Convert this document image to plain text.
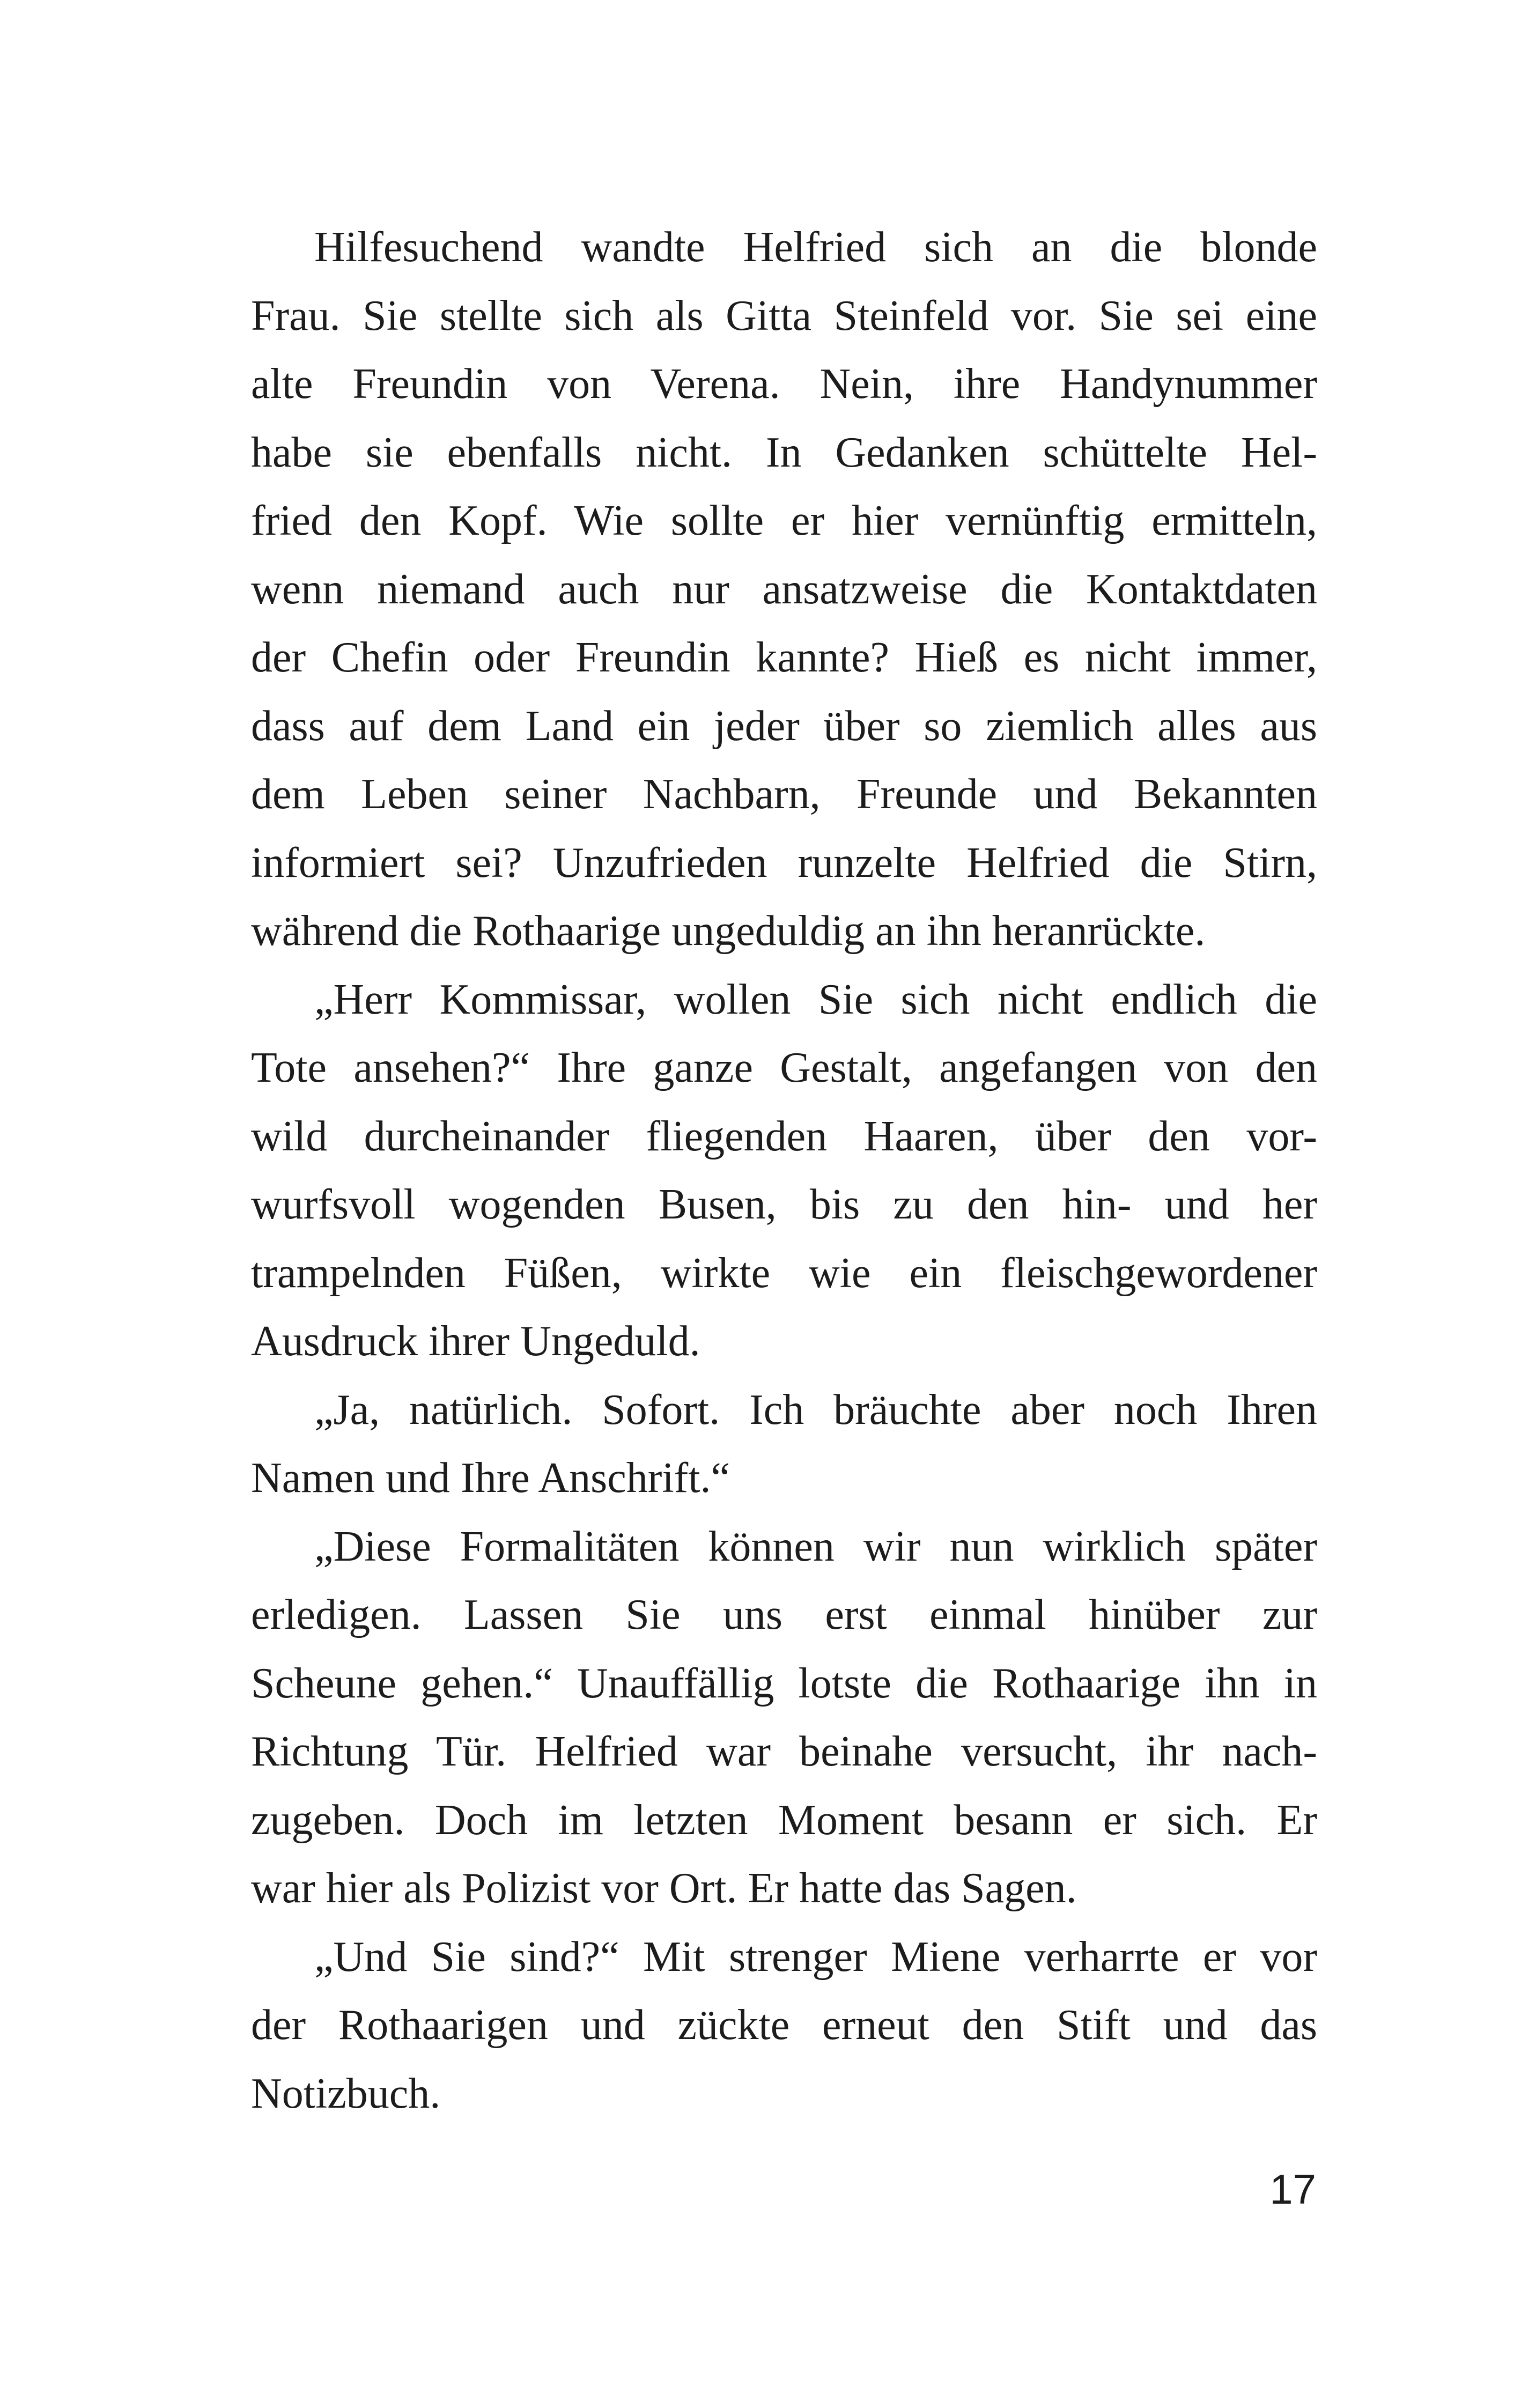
Hilfesuchend wandte Helfried sich an die blonde
Frau. Sie stellte sich als Gitta Steinfeld vor. Sie sei eine
alte Freundin von Verena. Nein, ihre Handynummer
habe sie ebenfalls nicht. In Gedanken schüttelte Hel-
fried den Kopf. Wie sollte er hier vernünftig ermitteln,
wenn niemand auch nur ansatzweise die Kontaktdaten
der Chefin oder Freundin kannte? Hieß es nicht immer,
dass auf dem Land ein jeder über so ziemlich alles aus
dem Leben seiner Nachbarn, Freunde und Bekannten
informiert sei? Unzufrieden runzelte Helfried die Stirn,
während die Rothaarige ungeduldig an ihn heranrückte.

„Herr Kommissar, wollen Sie sich nicht endlich die
Tote ansehen?“ Ihre ganze Gestalt, angefangen von den
wild durcheinander fliegenden Haaren, über den vor-
wurfsvoll wogenden Busen, bis zu den hin- und her
trampelnden Füßen, wirkte wie ein fleischgewordener
Ausdruck ihrer Ungeduld.

„Ja, natürlich. Sofort. Ich bräuchte aber noch Ihren
Namen und Ihre Anschrift.“

„Diese Formalitäten können wir nun wirklich später
erledigen. Lassen Sie uns erst einmal hinüber zur
Scheune gehen.“ Unauffällig lotste die Rothaarige ihn in
Richtung Tür. Helfried war beinahe versucht, ihr nach-
zugeben. Doch im letzten Moment besann er sich. Er
war hier als Polizist vor Ort. Er hatte das Sagen.

„Und Sie sind?“ Mit strenger Miene verharrte er vor
der Rothaarigen und zückte erneut den Stift und das
Notizbuch.

17
